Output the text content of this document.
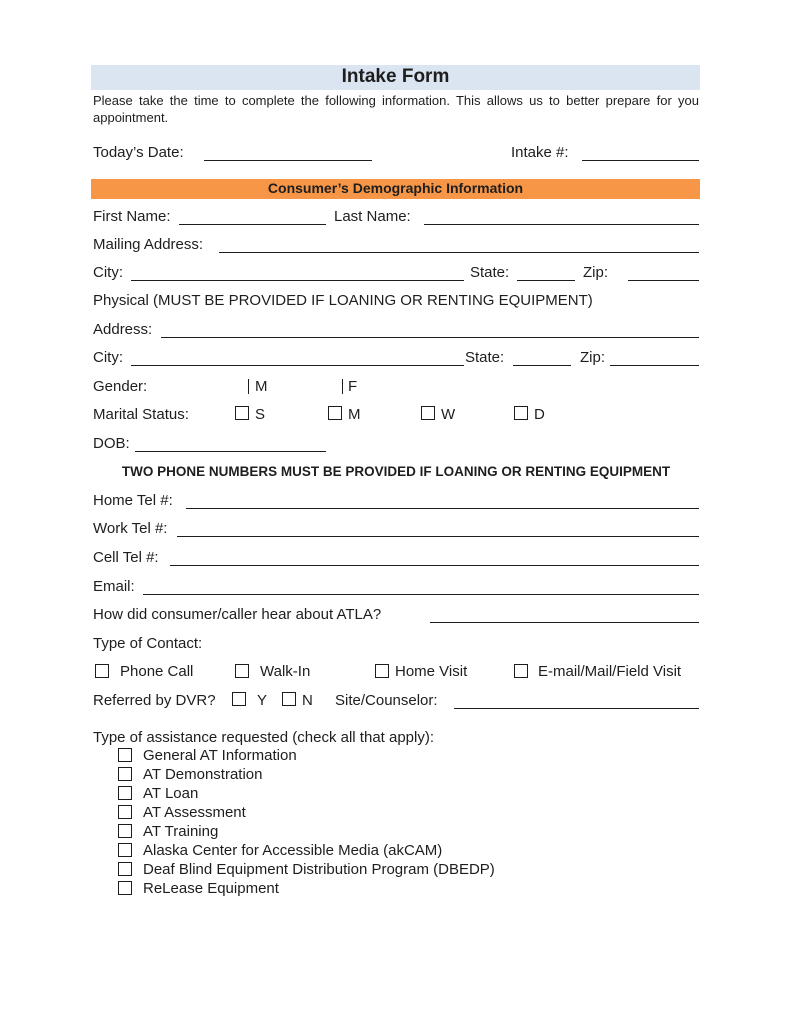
Intake Form
Please take the time to complete the following information. This allows us to better prepare for you appointment.
Today’s Date:	Intake #:
Consumer’s Demographic Information
First Name:	Last Name:
Mailing Address:
City:	State:	Zip:
Physical (MUST BE PROVIDED IF LOANING OR RENTING EQUIPMENT)
Address:
City:	State:	Zip:
Gender:	M	F
Marital Status:	S	M	W	D
DOB:
TWO PHONE NUMBERS MUST BE PROVIDED IF LOANING OR RENTING EQUIPMENT
Home Tel #:
Work Tel #:
Cell Tel #:
Email:
How did consumer/caller hear about ATLA?
Type of Contact:
Phone Call	Walk-In	Home Visit	E-mail/Mail/Field Visit
Referred by DVR?	Y N Site/Counselor:
Type of assistance requested (check all that apply):
General AT Information
AT Demonstration
AT Loan
AT Assessment
AT Training
Alaska Center for Accessible Media (akCAM)
Deaf Blind Equipment Distribution Program (DBEDP)
ReLease Equipment
